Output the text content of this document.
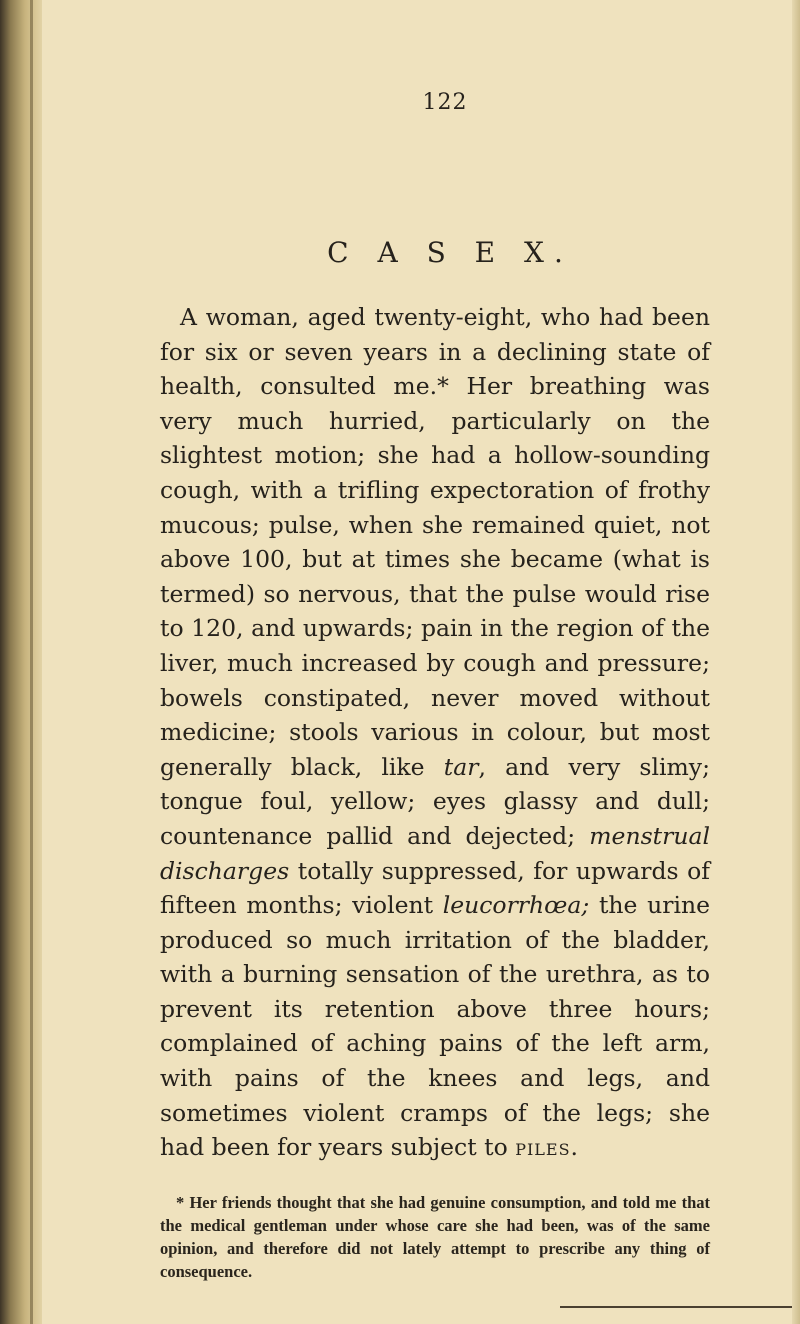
122
C A S E X.

A woman, aged twenty-eight, who had been for six or seven years in a declining state of health, consulted me.* Her breathing was very much hurried, particularly on the slightest motion; she had a hollow-sounding cough, with a trifling expectoration of frothy mucous; pulse, when she remained quiet, not above 100, but at times she became (what is termed) so nervous, that the pulse would rise to 120, and upwards; pain in the region of the liver, much increased by cough and pressure; bowels constipated, never moved without medicine; stools various in colour, but most generally black, like tar, and very slimy; tongue foul, yellow; eyes glassy and dull; countenance pallid and dejected; menstrual discharges totally suppressed, for upwards of fifteen months; violent leucorrhœa; the urine produced so much irritation of the bladder, with a burning sensation of the urethra, as to prevent its retention above three hours; complained of aching pains of the left arm, with pains of the knees and legs, and sometimes violent cramps of the legs; she had been for years subject to piles.

* Her friends thought that she had genuine consumption, and told me that the medical gentleman under whose care she had been, was of the same opinion, and therefore did not lately attempt to prescribe any thing of consequence.
